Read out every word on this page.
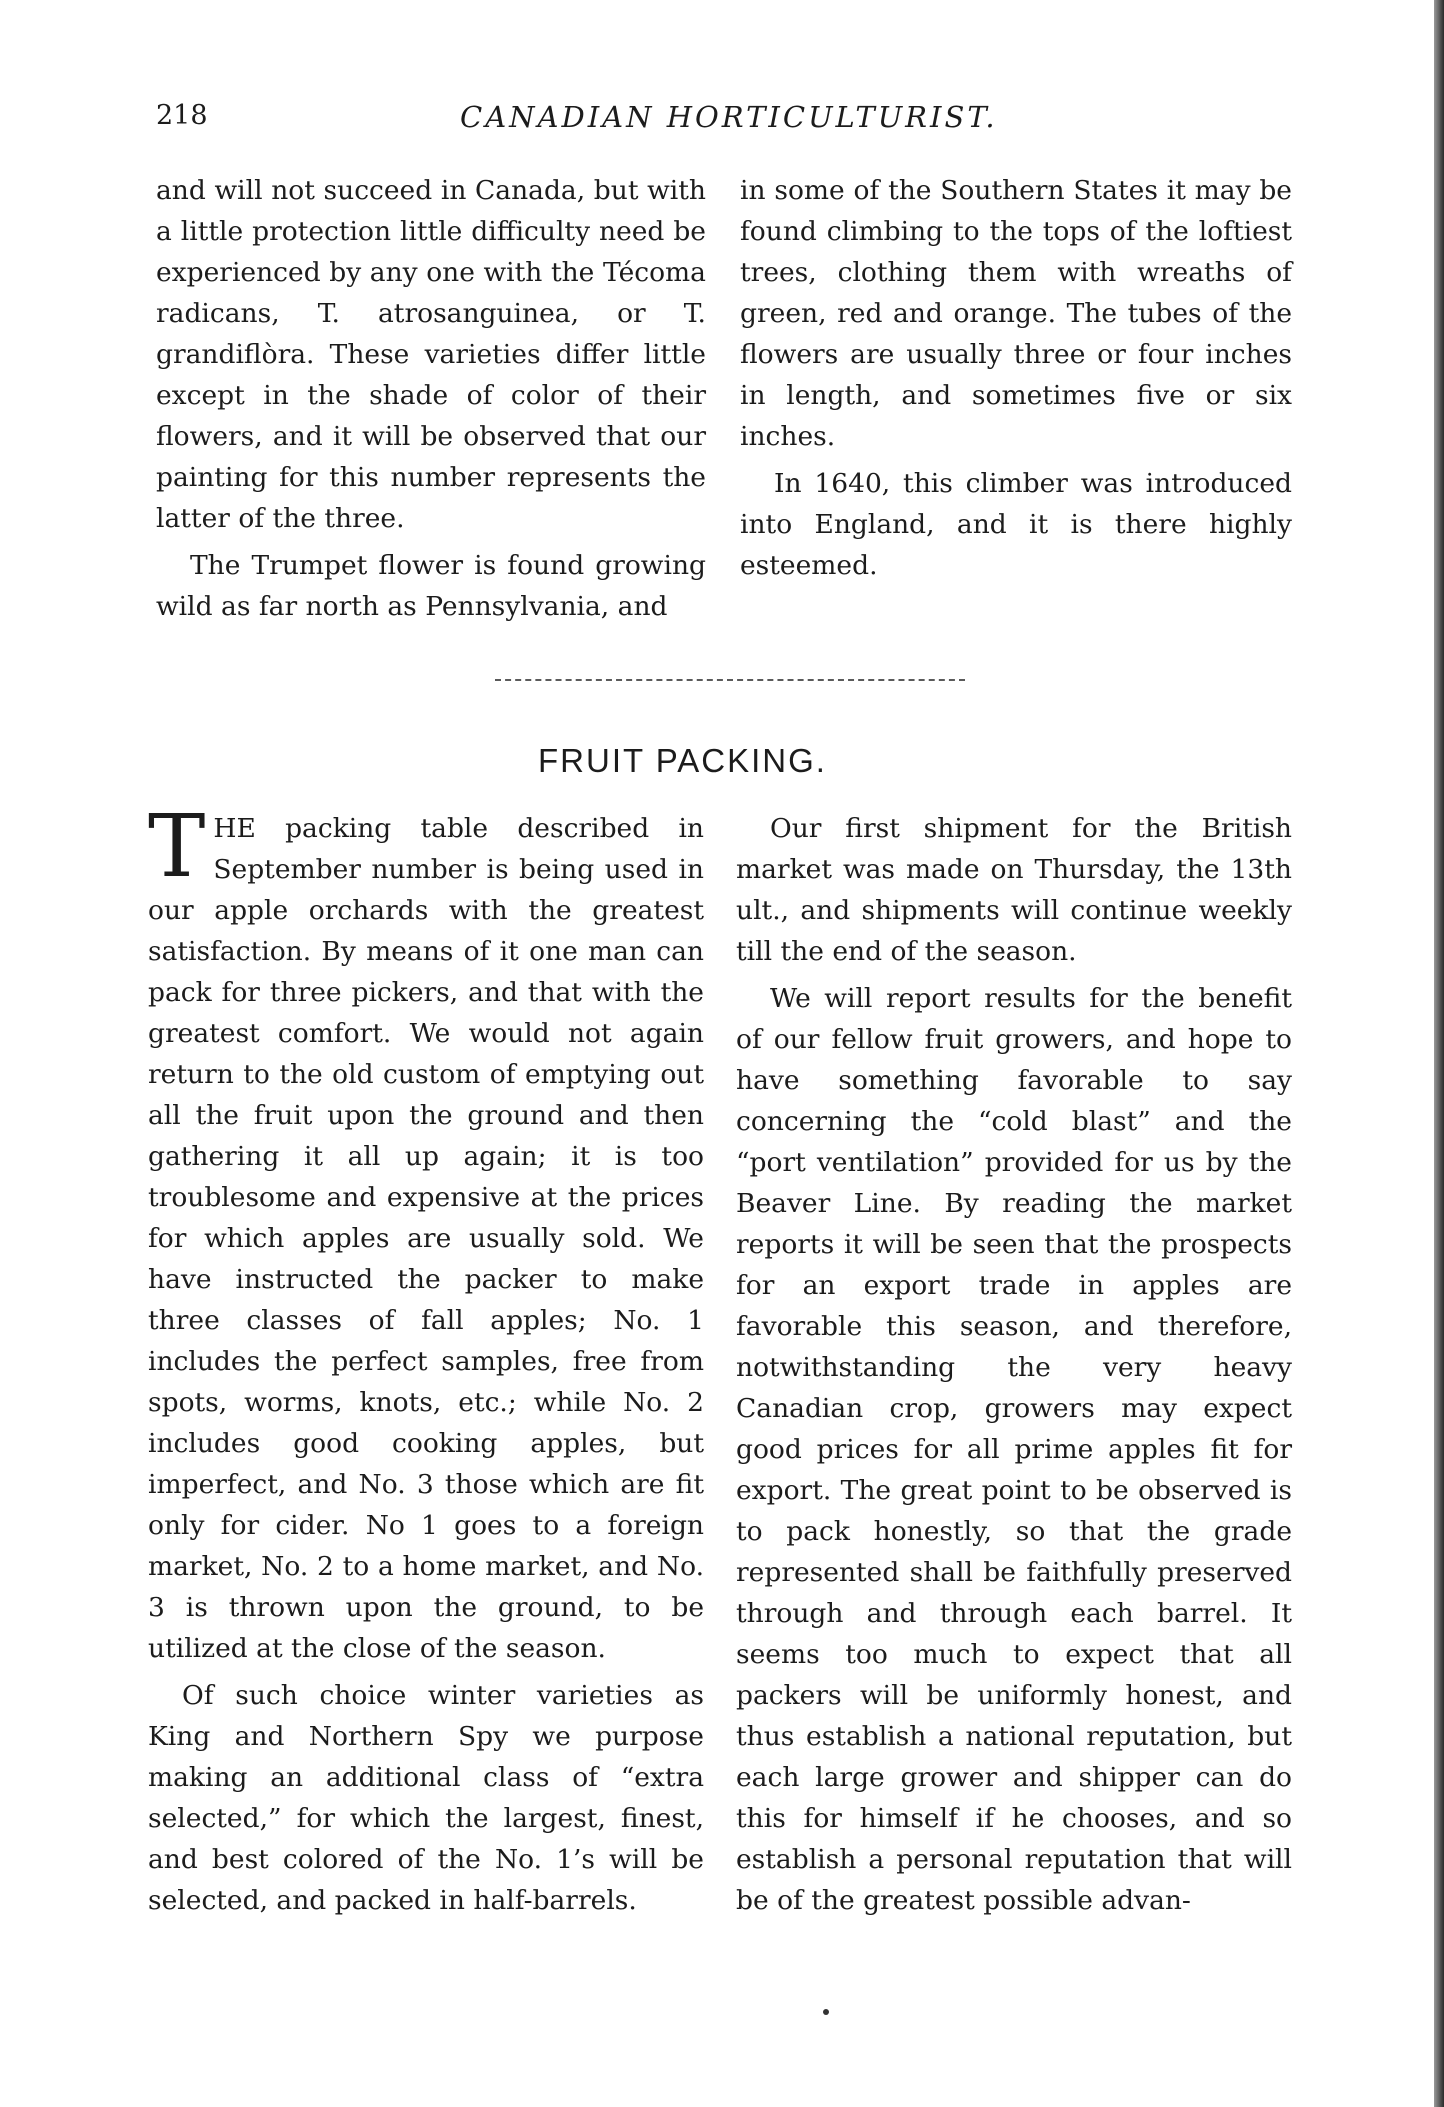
218	CANADIAN HORTICULTURIST.

and will not succeed in Canada, but with a little protection little difficulty need be experienced by any one with the Técoma radicans, T. atrosanguinea, or T. grandiflòra. These varieties differ little except in the shade of color of their flowers, and it will be observed that our painting for this number represents the latter of the three.

The Trumpet flower is found growing wild as far north as Pennsylvania, and

in some of the Southern States it may be found climbing to the tops of the loftiest trees, clothing them with wreaths of green, red and orange. The tubes of the flowers are usually three or four inches in length, and sometimes five or six inches.

In 1640, this climber was introduced into England, and it is there highly esteemed.

FRUIT PACKING.

THE packing table described in September number is being used in our apple orchards with the greatest satisfaction. By means of it one man can pack for three pickers, and that with the greatest comfort. We would not again return to the old custom of emptying out all the fruit upon the ground and then gathering it all up again; it is too troublesome and expensive at the prices for which apples are usually sold. We have instructed the packer to make three classes of fall apples; No. 1 includes the perfect samples, free from spots, worms, knots, etc.; while No. 2 includes good cooking apples, but imperfect, and No. 3 those which are fit only for cider. No 1 goes to a foreign market, No. 2 to a home market, and No. 3 is thrown upon the ground, to be utilized at the close of the season.

Of such choice winter varieties as King and Northern Spy we purpose making an additional class of “extra selected,” for which the largest, finest, and best colored of the No. 1’s will be selected, and packed in half-barrels.

Our first shipment for the British market was made on Thursday, the 13th ult., and shipments will continue weekly till the end of the season.

We will report results for the benefit of our fellow fruit growers, and hope to have something favorable to say concerning the “cold blast” and the “port ventilation” provided for us by the Beaver Line. By reading the market reports it will be seen that the prospects for an export trade in apples are favorable this season, and therefore, notwithstanding the very heavy Canadian crop, growers may expect good prices for all prime apples fit for export. The great point to be observed is to pack honestly, so that the grade represented shall be faithfully preserved through and through each barrel. It seems too much to expect that all packers will be uniformly honest, and thus establish a national reputation, but each large grower and shipper can do this for himself if he chooses, and so establish a personal reputation that will be of the greatest possible advan-
